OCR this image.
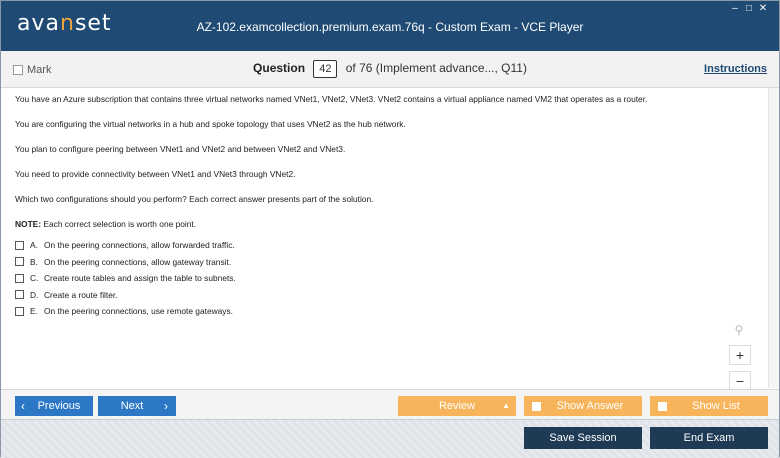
avanset	AZ-102.examcollection.premium.exam.76q - Custom Exam - VCE Player
– □ ✕
Mark	Question 42 of 76 (Implement advance..., Q11)	Instructions

You have an Azure subscription that contains three virtual networks named VNet1, VNet2, VNet3. VNet2 contains a virtual appliance named VM2 that operates as a router.

You are configuring the virtual networks in a hub and spoke topology that uses VNet2 as the hub network.

You plan to configure peering between VNet1 and VNet2 and between VNet2 and VNet3.

You need to provide connectivity between VNet1 and VNet3 through VNet2.

Which two configurations should you perform? Each correct answer presents part of the solution.

NOTE: Each correct selection is worth one point.

A. On the peering connections, allow forwarded traffic.
B. On the peering connections, allow gateway transit.
C. Create route tables and assign the table to subnets.
D. Create a route filter.
E. On the peering connections, use remote gateways.
⚲
+
−
‹ Previous	Next ›	Review	▲	Show Answer	Show List
Save Session	End Exam
